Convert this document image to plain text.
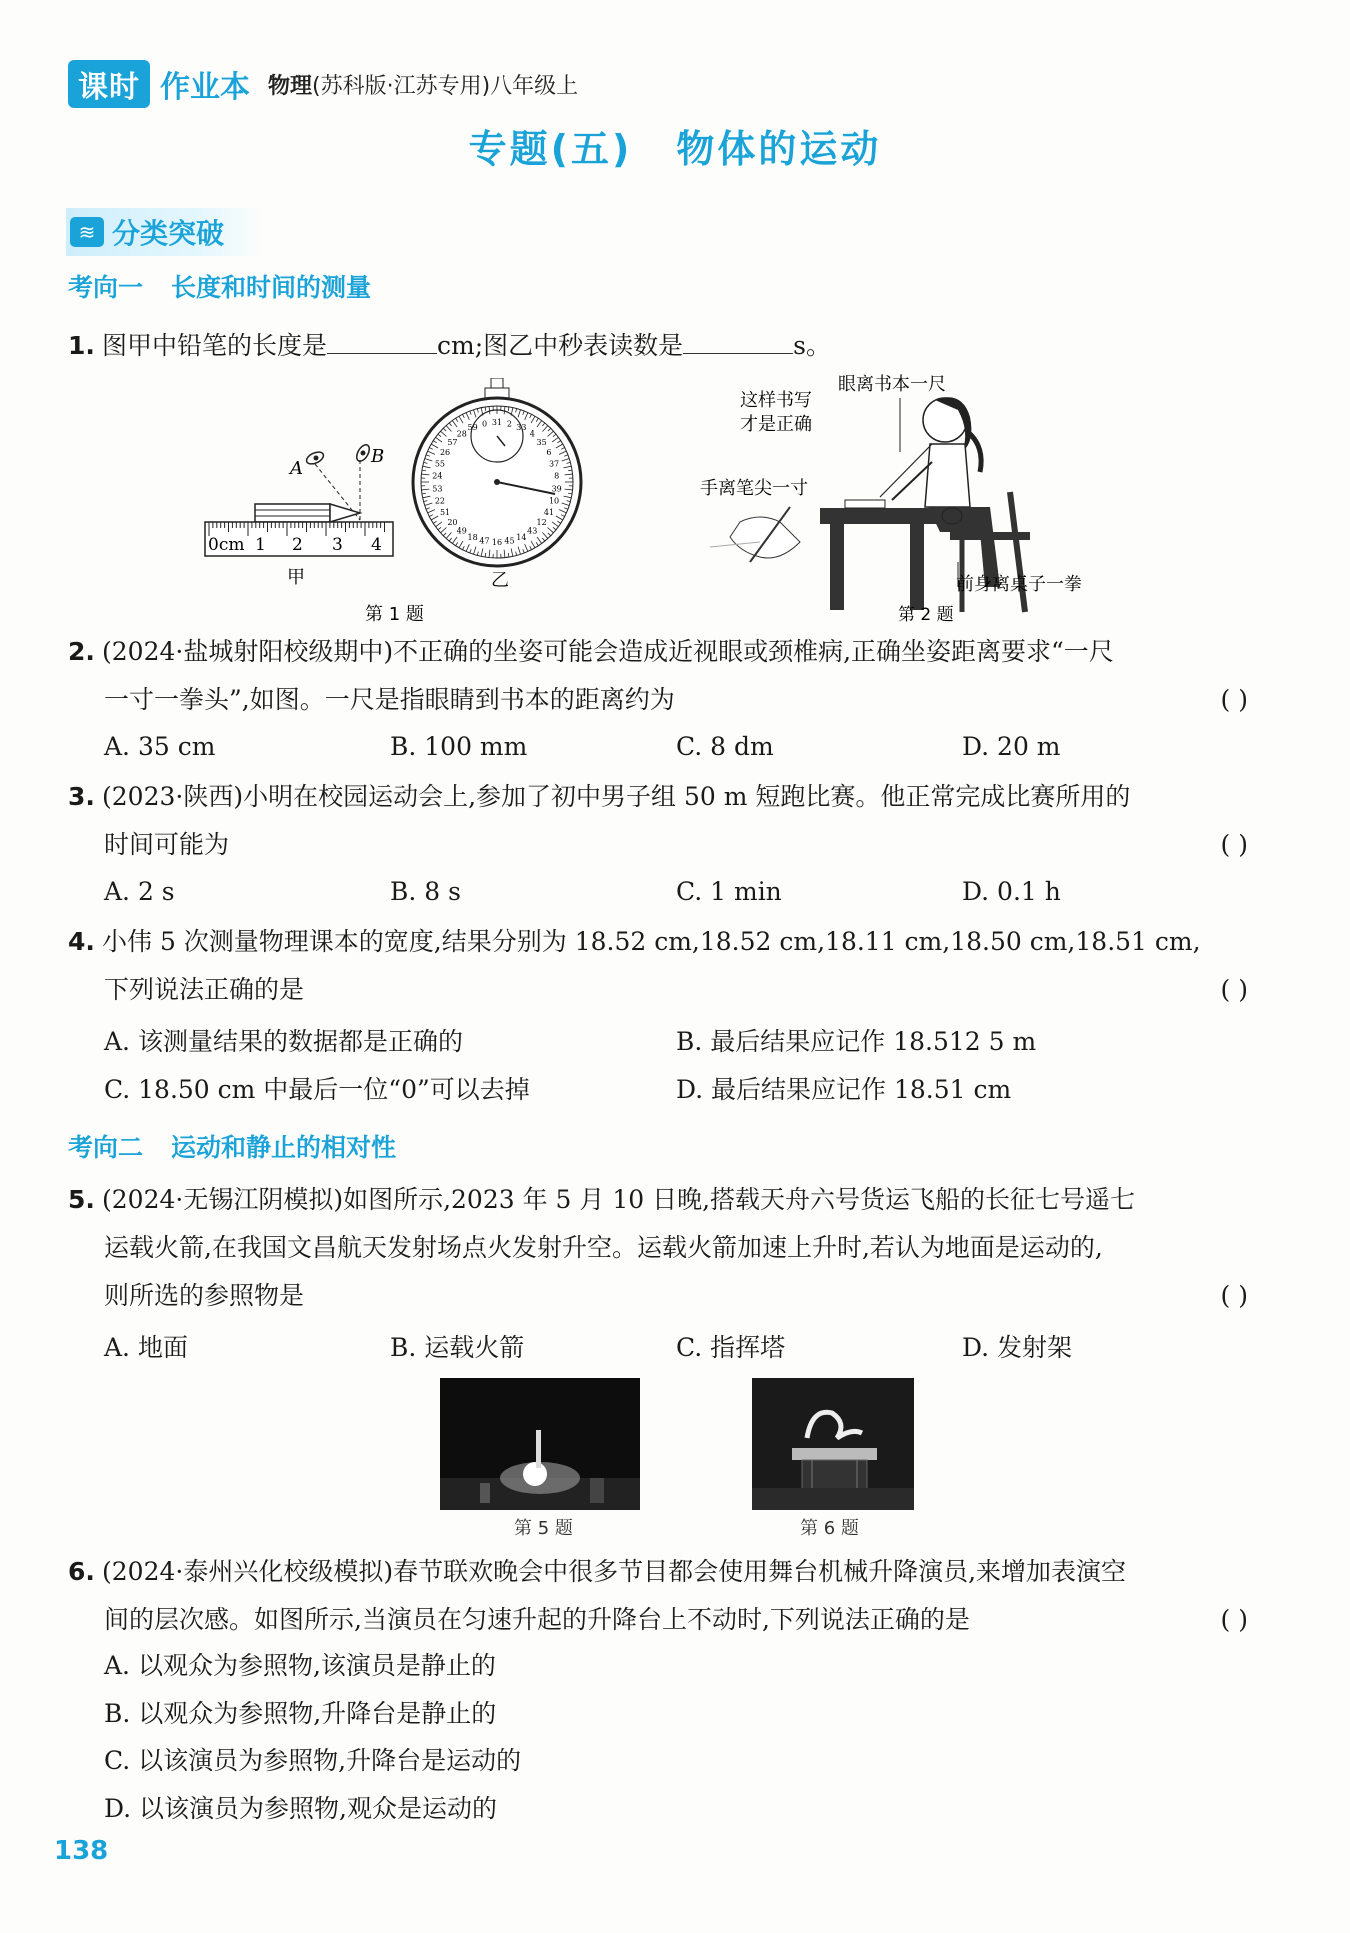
课时 作业本 物理(苏科版·江苏专用)八年级上
专题(五) 物体的运动
≋ 分类突破
考向一 长度和时间的测量
1. 图甲中铅笔的长度是	cm;图乙中秒表读数是	s。
A
B
0cm 1 2 3 4
甲
31 2 33
4
35
6
37
8
39
10
41
12
43
14
45
16
47
18
49
20
51
22
53
24
55
26
57
28
59 0
乙
第 1 题
眼离书本一尺
这样书写
才是正确
手离笔尖一寸
前身离桌子一拳
第 2 题
2. (2024·盐城射阳校级期中)不正确的坐姿可能会造成近视眼或颈椎病,正确坐姿距离要求“一尺
一寸一拳头”,如图。一尺是指眼睛到书本的距离约为	( )
A. 35 cm	B. 100 mm	C. 8 dm	D. 20 m
3. (2023·陕西)小明在校园运动会上,参加了初中男子组 50 m 短跑比赛。他正常完成比赛所用的
时间可能为	( )
A. 2 s	B. 8 s	C. 1 min	D. 0.1 h
4. 小伟 5 次测量物理课本的宽度,结果分别为 18.52 cm,18.52 cm,18.11 cm,18.50 cm,18.51 cm,
下列说法正确的是	( )
A. 该测量结果的数据都是正确的	B. 最后结果应记作 18.512 5 m
C. 18.50 cm 中最后一位“0”可以去掉	D. 最后结果应记作 18.51 cm
考向二 运动和静止的相对性
5. (2024·无锡江阴模拟)如图所示,2023 年 5 月 10 日晚,搭载天舟六号货运飞船的长征七号遥七
运载火箭,在我国文昌航天发射场点火发射升空。运载火箭加速上升时,若认为地面是运动的,
则所选的参照物是	( )
A. 地面	B. 运载火箭	C. 指挥塔	D. 发射架
第 5 题	第 6 题
6. (2024·泰州兴化校级模拟)春节联欢晚会中很多节目都会使用舞台机械升降演员,来增加表演空
间的层次感。如图所示,当演员在匀速升起的升降台上不动时,下列说法正确的是	( )
A. 以观众为参照物,该演员是静止的
B. 以观众为参照物,升降台是静止的
C. 以该演员为参照物,升降台是运动的
D. 以该演员为参照物,观众是运动的
138
